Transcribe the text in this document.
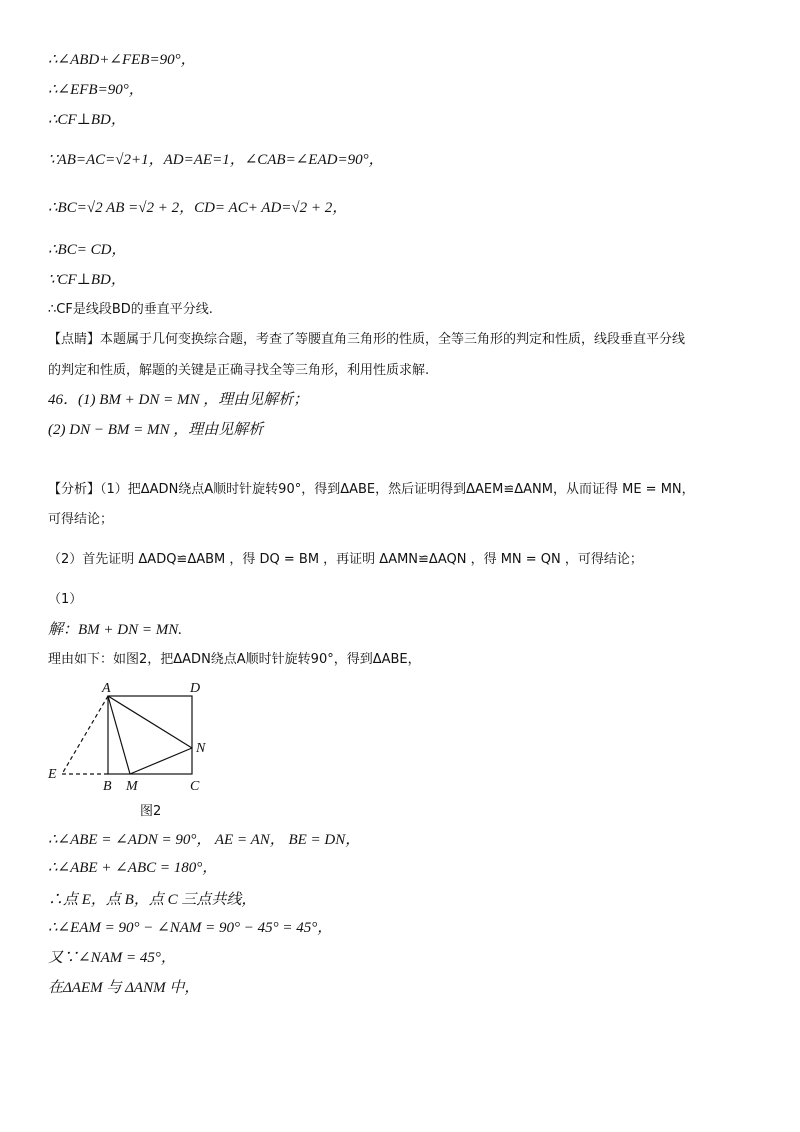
∴∠ABD+∠FEB=90°，
∴∠EFB=90°，
∴CF⊥BD，
∵AB=AC=√2+1，AD=AE=1，∠CAB=∠EAD=90°，
∴BC=√2 AB =√2 + 2，CD= AC+ AD=√2 + 2，
∴BC= CD，
∵CF⊥BD，
∴CF是线段BD的垂直平分线.
【点睛】本题属于几何变换综合题，考查了等腰直角三角形的性质，全等三角形的判定和性质，线段垂直平分线
的判定和性质，解题的关键是正确寻找全等三角形，利用性质求解.
46．(1) BM + DN = MN ，理由见解析；
(2) DN − BM = MN ，理由见解析
【分析】（1）把ΔADN绕点A顺时针旋转90°，得到ΔABE，然后证明得到ΔAEM≌ΔANM，从而证得 ME = MN，
可得结论；
（2）首先证明 ΔADQ≌ΔABM ，得 DQ = BM ，再证明 ΔAMN≌ΔAQN ，得 MN = QN ，可得结论；
（1）
解：BM + DN = MN.
理由如下：如图2，把ΔADN绕点A顺时针旋转90°，得到ΔABE，
∴∠ABE = ∠ADN = 90°， AE = AN， BE = DN，
∴∠ABE + ∠ABC = 180°，
∴点 E，点 B，点 C 三点共线，
∴∠EAM = 90° − ∠NAM = 90° − 45° = 45°，
又∵∠NAM = 45°，
在ΔAEM 与 ΔANM 中，
A	D
N
E
B M	C
图2
